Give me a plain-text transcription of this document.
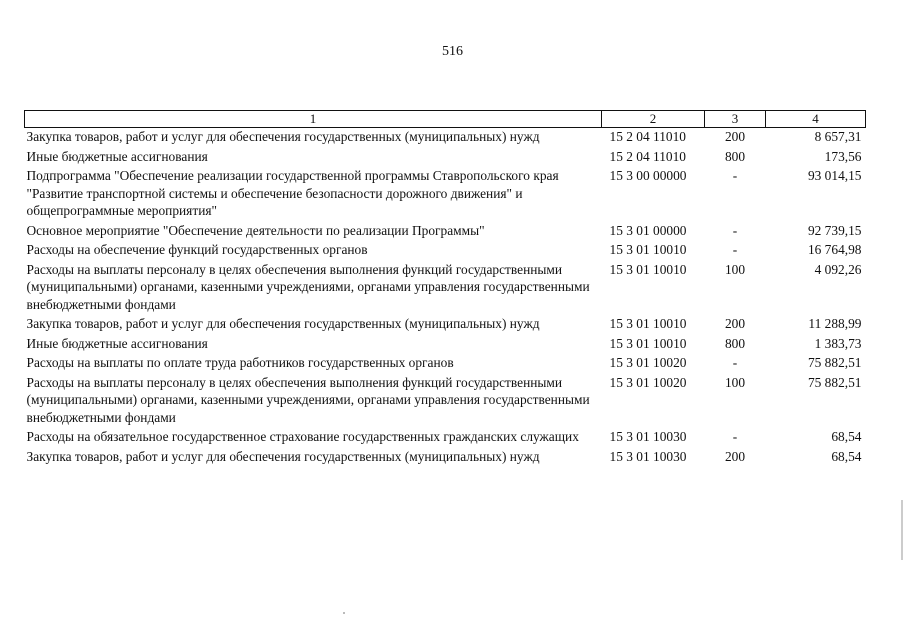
516
1	2	3	4
Закупка товаров, работ и услуг для обеспечения государственных (муниципальных) нужд	15 2 04 11010	200	8 657,31
Иные бюджетные ассигнования	15 2 04 11010	800	173,56
Подпрограмма "Обеспечение реализации государственной программы Ставропольского края "Развитие транспортной системы и обеспечение безопасности дорожного движения" и общепрограммные мероприятия"	15 3 00 00000	-	93 014,15
Основное мероприятие "Обеспечение деятельности по реализации Программы"	15 3 01 00000	-	92 739,15
Расходы на обеспечение функций государственных органов	15 3 01 10010	-	16 764,98
Расходы на выплаты персоналу в целях обеспечения выполнения функций государственными (муниципальными) органами, казенными учреждениями, органами управления государственными внебюджетными фондами	15 3 01 10010	100	4 092,26
Закупка товаров, работ и услуг для обеспечения государственных (муниципальных) нужд	15 3 01 10010	200	11 288,99
Иные бюджетные ассигнования	15 3 01 10010	800	1 383,73
Расходы на выплаты по оплате труда работников государственных органов	15 3 01 10020	-	75 882,51
Расходы на выплаты персоналу в целях обеспечения выполнения функций государственными (муниципальными) органами, казенными учреждениями, органами управления государственными внебюджетными фондами	15 3 01 10020	100	75 882,51
Расходы на обязательное государственное страхование государственных гражданских служащих	15 3 01 10030	-	68,54
Закупка товаров, работ и услуг для обеспечения государственных (муниципальных) нужд	15 3 01 10030	200	68,54
